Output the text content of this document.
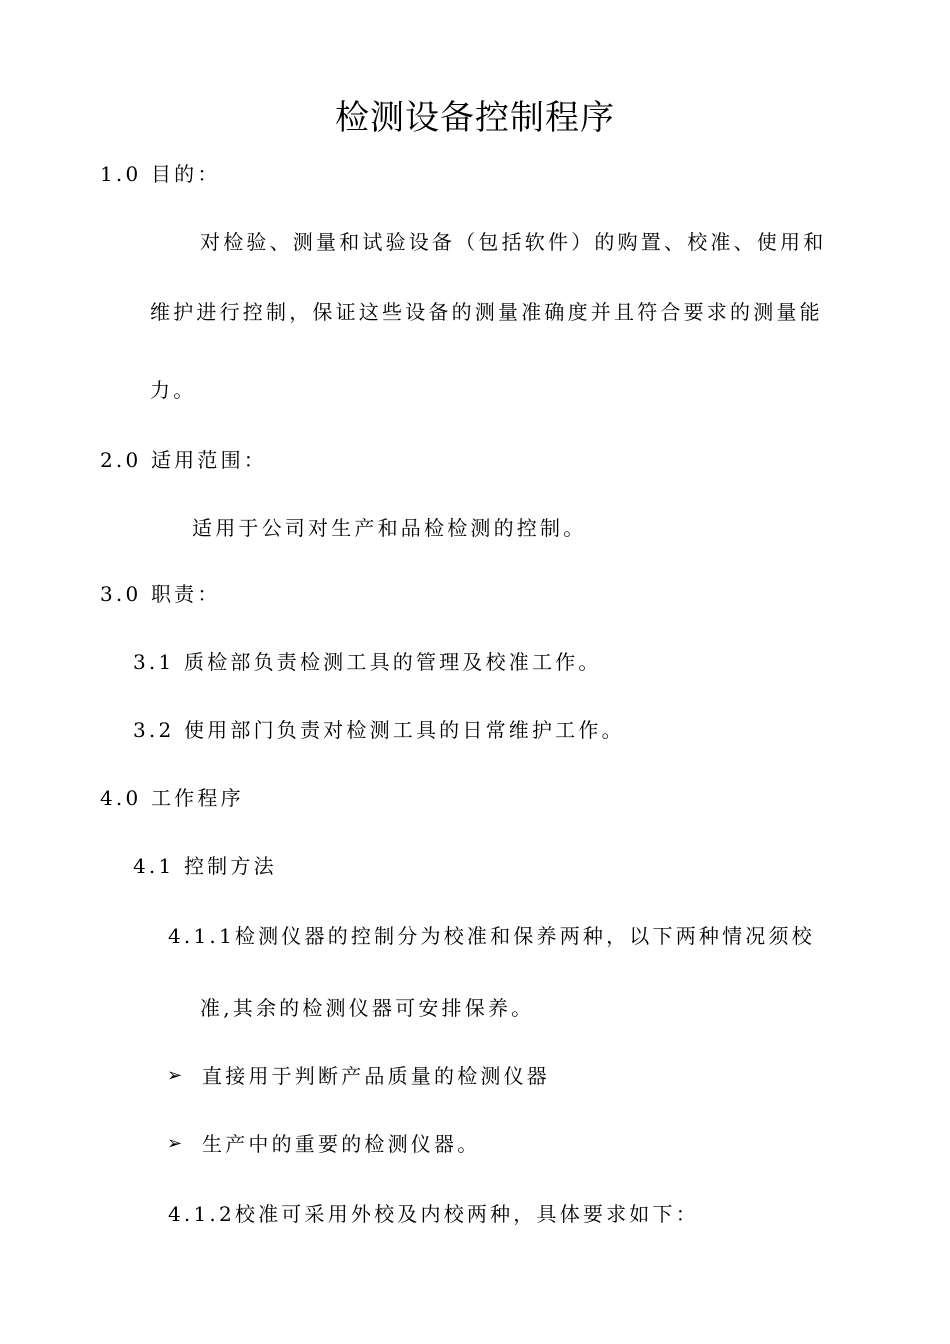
检测设备控制程序
1.0 目的：
对检验、测量和试验设备（包括软件）的购置、校准、使用和
维护进行控制，保证这些设备的测量准确度并且符合要求的测量能
力。
2.0 适用范围：
适用于公司对生产和品检检测的控制。
3.0 职责：
3.1 质检部负责检测工具的管理及校准工作。
3.2 使用部门负责对检测工具的日常维护工作。
4.0 工作程序
4.1 控制方法
4.1.1检测仪器的控制分为校准和保养两种，以下两种情况须校
准,其余的检测仪器可安排保养。
➢ 直接用于判断产品质量的检测仪器
➢ 生产中的重要的检测仪器。
4.1.2校准可采用外校及内校两种，具体要求如下：
